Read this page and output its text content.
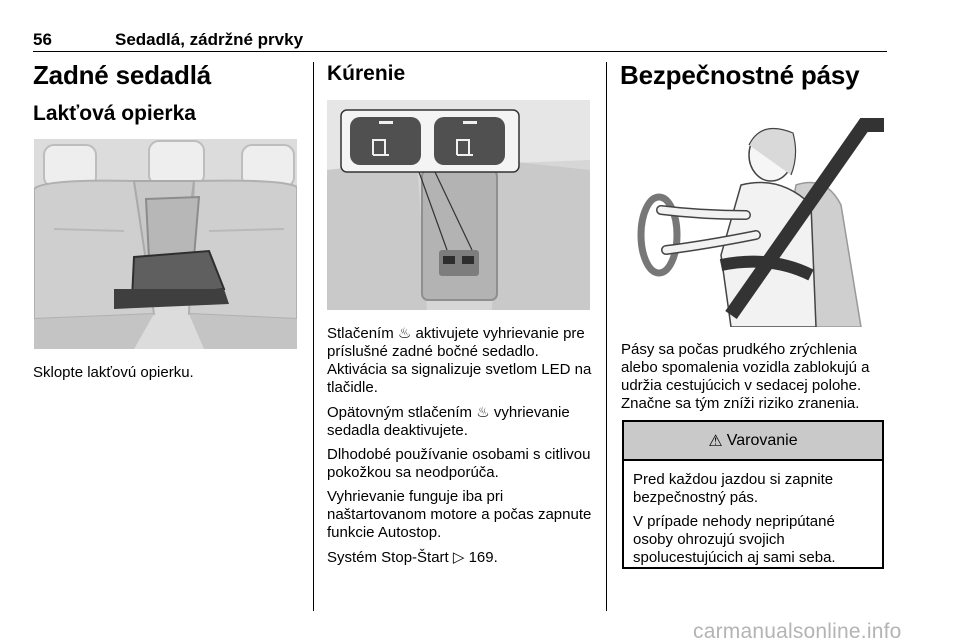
56	Sedadlá, zádržné prvky
Zadné sedadlá
Lakťová opierka

Sklopte lakťovú opierku.

Kúrenie

Stlačením ♨ aktivujete vyhrievanie pre príslušné zadné bočné sedadlo. Aktivácia sa signalizuje svetlom LED na tlačidle.

Opätovným stlačením ♨ vyhrievanie sedadla deaktivujete.

Dlhodobé používanie osobami s citlivou pokožkou sa neodporúča.

Vyhrievanie funguje iba pri naštartovanom motore a počas zapnute funkcie Autostop.

Systém Stop-Štart ▷ 169.

Bezpečnostné pásy

Pásy sa počas prudkého zrýchlenia alebo spomalenia vozidla zablokujú a udržia cestujúcich v sedacej polohe. Značne sa tým zníži riziko zranenia.

⚠ Varovanie

Pred každou jazdou si zapnite bezpečnostný pás.

V prípade nehody nepripútané osoby ohrozujú svojich spolucestujúcich aj sami seba.

carmanualsonline.info
